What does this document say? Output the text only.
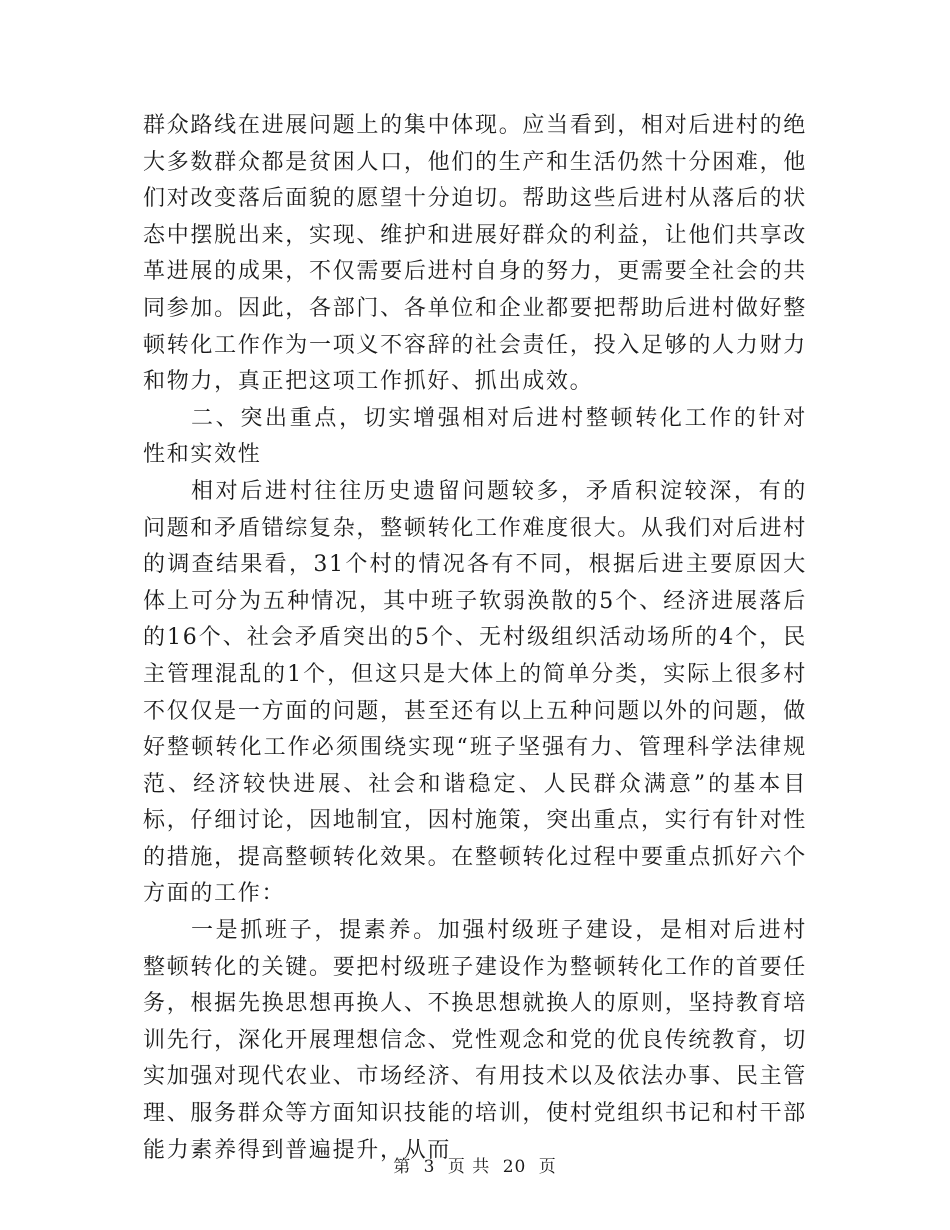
群众路线在进展问题上的集中体现。应当看到，相对后进村的绝大多数群众都是贫困人口，他们的生产和生活仍然十分困难，他们对改变落后面貌的愿望十分迫切。帮助这些后进村从落后的状态中摆脱出来，实现、维护和进展好群众的利益，让他们共享改革进展的成果，不仅需要后进村自身的努力，更需要全社会的共同参加。因此，各部门、各单位和企业都要把帮助后进村做好整顿转化工作作为一项义不容辞的社会责任，投入足够的人力财力和物力，真正把这项工作抓好、抓出成效。

二、突出重点，切实增强相对后进村整顿转化工作的针对性和实效性

相对后进村往往历史遗留问题较多，矛盾积淀较深，有的问题和矛盾错综复杂，整顿转化工作难度很大。从我们对后进村的调查结果看，31个村的情况各有不同，根据后进主要原因大体上可分为五种情况，其中班子软弱涣散的5个、经济进展落后的16个、社会矛盾突出的5个、无村级组织活动场所的4个，民主管理混乱的1个，但这只是大体上的简单分类，实际上很多村不仅仅是一方面的问题，甚至还有以上五种问题以外的问题，做好整顿转化工作必须围绕实现“班子坚强有力、管理科学法律规范、经济较快进展、社会和谐稳定、人民群众满意”的基本目标，仔细讨论，因地制宜，因村施策，突出重点，实行有针对性的措施，提高整顿转化效果。在整顿转化过程中要重点抓好六个方面的工作：

一是抓班子，提素养。加强村级班子建设，是相对后进村整顿转化的关键。要把村级班子建设作为整顿转化工作的首要任务，根据先换思想再换人、不换思想就换人的原则，坚持教育培训先行，深化开展理想信念、党性观念和党的优良传统教育，切实加强对现代农业、市场经济、有用技术以及依法办事、民主管理、服务群众等方面知识技能的培训，使村党组织书记和村干部能力素养得到普遍提升，从而

第 3 页 共 20 页
